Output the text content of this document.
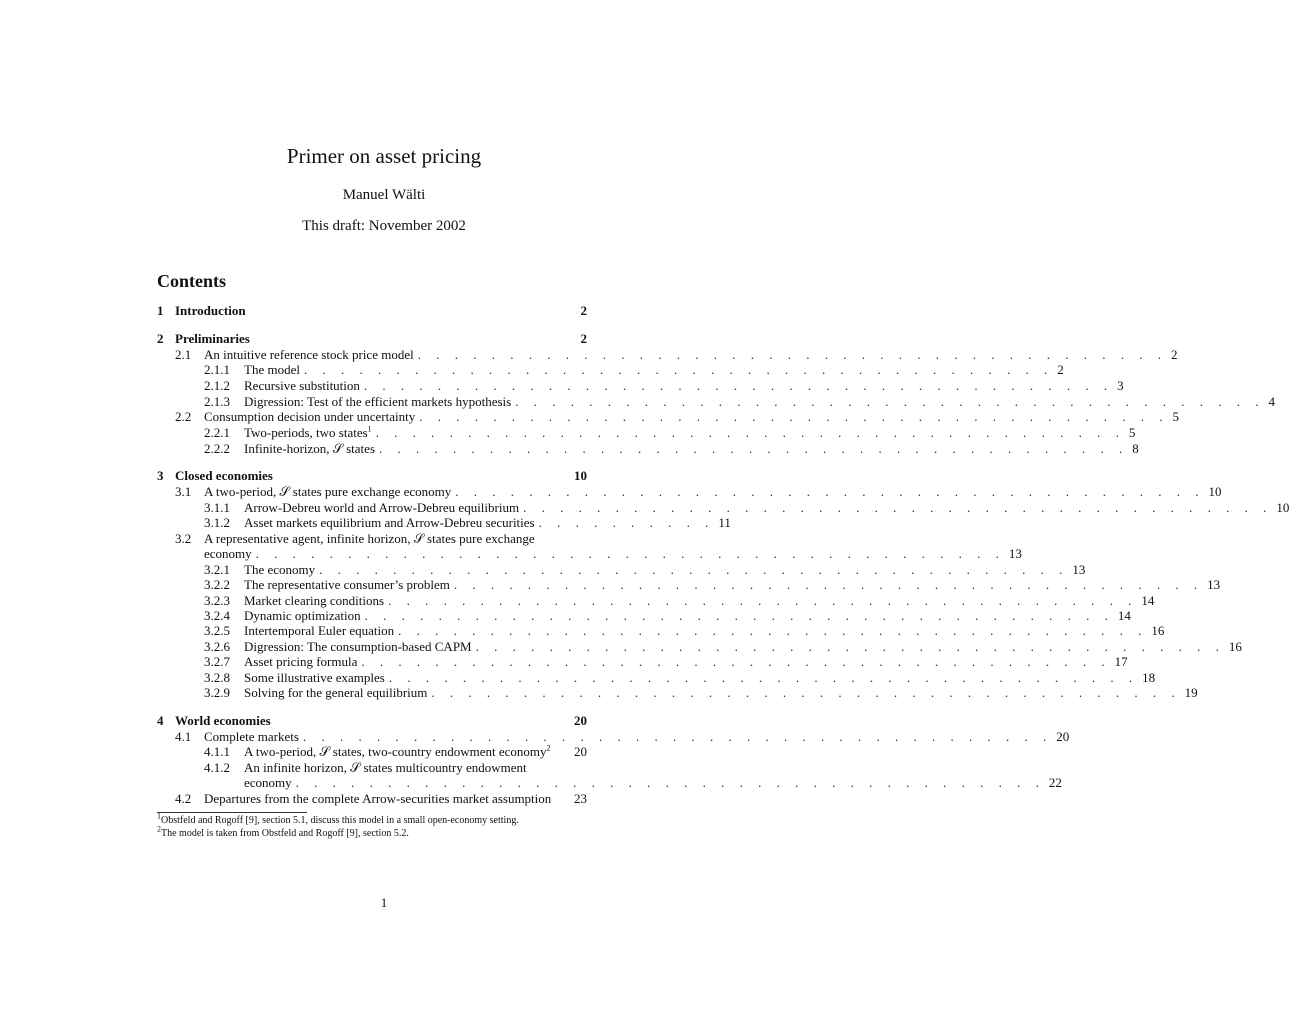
Primer on asset pricing
Manuel Wälti
This draft: November 2002
Contents
1 Introduction	2
2 Preliminaries	2
2.1 An intuitive reference stock price model . . . . . . . . . . . . . . . . . . . . . . . . . . . . . . . . . . . . . . . . . 2
2.1.1	The model . . . . . . . . . . . . . . . . . . . . . . . . . . . . . . . . . . . . . . . . . 2
2.1.2	Recursive substitution . . . . . . . . . . . . . . . . . . . . . . . . . . . . . . . . . . . . . . . . . 3
2.1.3	Digression: Test of the efficient markets hypothesis . . . . . . . . . . . . . . . . . . . . . . . . . . . . . . . . . . . . . . . . . 4
2.2 Consumption decision under uncertainty . . . . . . . . . . . . . . . . . . . . . . . . . . . . . . . . . . . . . . . . . 5
2.2.1	Two-periods, two states$^1$ . . . . . . . . . . . . . . . . . . . . . . . . . . . . . . . . . . . . . . . . . 5
2.2.2	Infinite-horizon, 𝒮 states . . . . . . . . . . . . . . . . . . . . . . . . . . . . . . . . . . . . . . . . . 8
3 Closed economies	10
3.1 A two-period, 𝒮 states pure exchange economy . . . . . . . . . . . . . . . . . . . . . . . . . . . . . . . . . . . . . . . . . 10
3.1.1	Arrow-Debreu world and Arrow-Debreu equilibrium . . . . . . . . . . . . . . . . . . . . . . . . . . . . . . . . . . . . . . . . . 10
3.1.2	Asset markets equilibrium and Arrow-Debreu securities . . . . . . . . . . 11
3.2 A representative agent, infinite horizon, 𝒮 states pure exchange
economy . . . . . . . . . . . . . . . . . . . . . . . . . . . . . . . . . . . . . . . . . 13
3.2.1	The economy . . . . . . . . . . . . . . . . . . . . . . . . . . . . . . . . . . . . . . . . . 13
3.2.2	The representative consumer’s problem . . . . . . . . . . . . . . . . . . . . . . . . . . . . . . . . . . . . . . . . . 13
3.2.3	Market clearing conditions . . . . . . . . . . . . . . . . . . . . . . . . . . . . . . . . . . . . . . . . . 14
3.2.4	Dynamic optimization . . . . . . . . . . . . . . . . . . . . . . . . . . . . . . . . . . . . . . . . . 14
3.2.5	Intertemporal Euler equation . . . . . . . . . . . . . . . . . . . . . . . . . . . . . . . . . . . . . . . . . 16
3.2.6	Digression: The consumption-based CAPM . . . . . . . . . . . . . . . . . . . . . . . . . . . . . . . . . . . . . . . . . 16
3.2.7	Asset pricing formula . . . . . . . . . . . . . . . . . . . . . . . . . . . . . . . . . . . . . . . . . 17
3.2.8	Some illustrative examples . . . . . . . . . . . . . . . . . . . . . . . . . . . . . . . . . . . . . . . . . 18
3.2.9	Solving for the general equilibrium . . . . . . . . . . . . . . . . . . . . . . . . . . . . . . . . . . . . . . . . . 19
4 World economies	20
4.1 Complete markets . . . . . . . . . . . . . . . . . . . . . . . . . . . . . . . . . . . . . . . . . 20
4.1.1	A two-period, 𝒮 states, two-country endowment economy$^2$ 20
4.1.2	An infinite horizon, 𝒮 states multicountry endowment
economy . . . . . . . . . . . . . . . . . . . . . . . . . . . . . . . . . . . . . . . . . 22
4.2 Departures from the complete Arrow-securities market assumption 23
$^1$Obstfeld and Rogoff [9], section 5.1, discuss this model in a small open-economy setting.
$^2$The model is taken from Obstfeld and Rogoff [9], section 5.2.
1
